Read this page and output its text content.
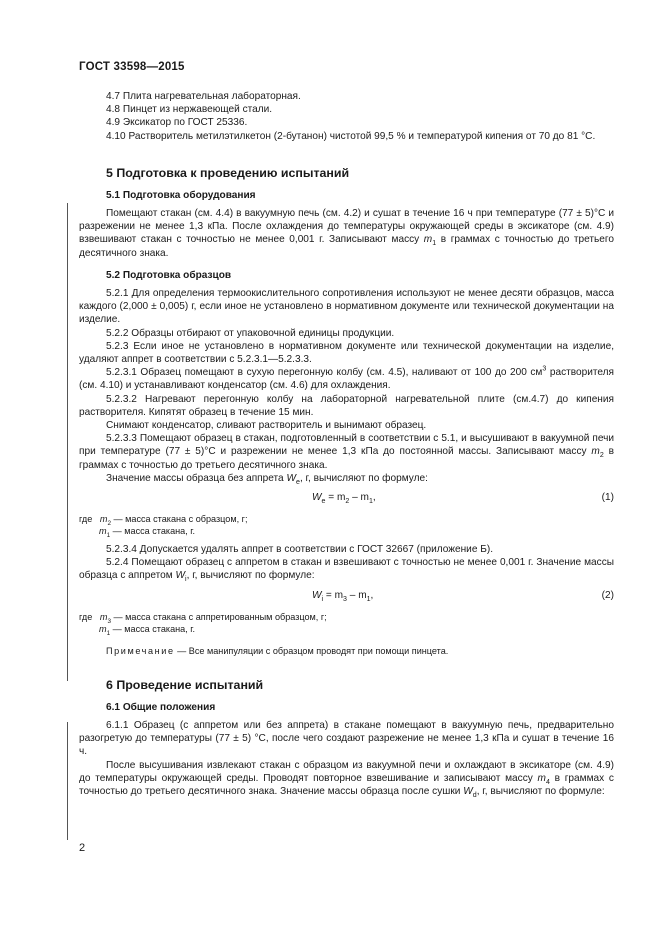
ГОСТ 33598—2015

4.7 Плита нагревательная лабораторная.

4.8 Пинцет из нержавеющей стали.

4.9 Эксикатор по ГОСТ 25336.

4.10 Растворитель метилэтилкетон (2-бутанон) чистотой 99,5 % и температурой кипения от 70 до 81 °С.

5 Подготовка к проведению испытаний
5.1 Подготовка оборудования

Помещают стакан (см. 4.4) в вакуумную печь (см. 4.2) и сушат в течение 16 ч при температуре (77 ± 5)°С и разрежении не менее 1,3 кПа. После охлаждения до температуры окружающей среды в эксикаторе (см. 4.9) взвешивают стакан с точностью не менее 0,001 г. Записывают массу $m_1$ в граммах с точностью до третьего десятичного знака.

5.2 Подготовка образцов

5.2.1 Для определения термоокислительного сопротивления используют не менее десяти образцов, масса каждого (2,000 ± 0,005) г, если иное не установлено в нормативном документе или технической документации на изделие.

5.2.2 Образцы отбирают от упаковочной единицы продукции.

5.2.3 Если иное не установлено в нормативном документе или технической документации на изделие, удаляют аппрет в соответствии с 5.2.3.1—5.2.3.3.

5.2.3.1 Образец помещают в сухую перегонную колбу (см. 4.5), наливают от 100 до 200 $см^3$ растворителя (см. 4.10) и устанавливают конденсатор (см. 4.6) для охлаждения.

5.2.3.2 Нагревают перегонную колбу на лабораторной нагревательной плите (см.4.7) до кипения растворителя. Кипятят образец в течение 15 мин.

Снимают конденсатор, сливают растворитель и вынимают образец.

5.2.3.3 Помещают образец в стакан, подготовленный в соответствии с 5.1, и высушивают в вакуумной печи при температуре (77 ± 5)°С и разрежении не менее 1,3 кПа до постоянной массы. Записывают массу $m_2$ в граммах с точностью до третьего десятичного знака.

Значение массы образца без аппрета $W_e$, г, вычисляют по формуле:

$W_e = m_2 - m_1$,	(1)
где $m_2$ — масса стакана с образцом, г;
$m_1$ — масса стакана, г.

5.2.3.4 Допускается удалять аппрет в соответствии с ГОСТ 32667 (приложение Б).

5.2.4 Помещают образец с аппретом в стакан и взвешивают с точностью не менее 0,001 г. Значение массы образца с аппретом $W_i$, г, вычисляют по формуле:

$W_i = m_3 - m_1$,	(2)
где $m_3$ — масса стакана с аппретированным образцом, г;
$m_1$ — масса стакана, г.
Примечание — Все манипуляции с образцом проводят при помощи пинцета.
6 Проведение испытаний
6.1 Общие положения

6.1.1 Образец (с аппретом или без аппрета) в стакане помещают в вакуумную печь, предварительно разогретую до температуры (77 ± 5) °С, после чего создают разрежение не менее 1,3 кПа и сушат в течение 16 ч.

После высушивания извлекают стакан с образцом из вакуумной печи и охлаждают в эксикаторе (см. 4.9) до температуры окружающей среды. Проводят повторное взвешивание и записывают массу $m_4$ в граммах с точностью до третьего десятичного знака. Значение массы образца после сушки $W_d$, г, вычисляют по формуле:

2
